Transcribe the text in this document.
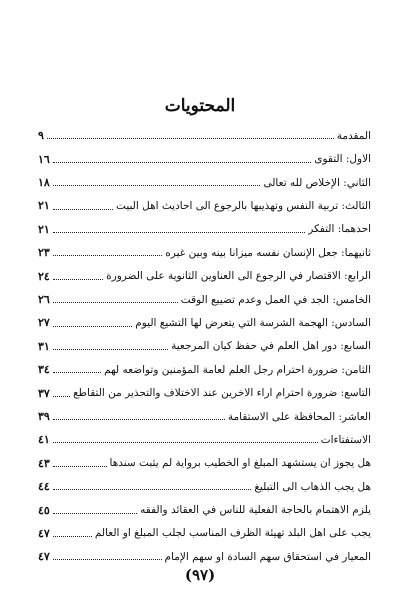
المحتويات
المقدمة
٩
الأول: التقوى
١٦
الثاني: الإخلاص لله تعالى
١٨
الثالث: تربية النفس وتهذيبها بالرجوع الى أحاديث أهل البيت
٢١
أحدهما: التفكر
٢١
ثانيهما: جعل الإنسان نفسه ميزاناً بينه وبين غيره
٢٣
الرابع: الاقتصار في الرجوع الى العناوين الثانوية على الضرورة
٢٤
الخامس: الجد في العمل وعدم تضييع الوقت
٢٦
السادس: الهجمة الشرسة التي يتعرض لها التشيع اليوم
٢٧
السابع: دور أهل العلم في حفظ كيان المرجعية
٣١
الثامن: ضرورة احترام رجل العلم لعامة المؤمنين وتواضعه لهم
٣٤
التاسع: ضرورة احترام آراء الآخرين عند الاختلاف والتحذير من التقاطع
٣٧
العاشر: المحافظة على الاستقامة
٣٩
الاستفتاءات
٤١
هل يجوز أن يستشهد المبلغ او الخطيب برواية لم يثبت سندها
٤٣
هل يجب الذهاب الى التبليغ
٤٤
يلزم الاهتمام بالحاجة الفعلية للناس في العقائد والفقه
٤٥
يجب على أهل البلد تهيئة الظرف المناسب لجلب المبلغ أو العالم
٤٧
المعيار في استحقاق سهم السادة أو سهم الإمام
٤٧
(٩٧)
